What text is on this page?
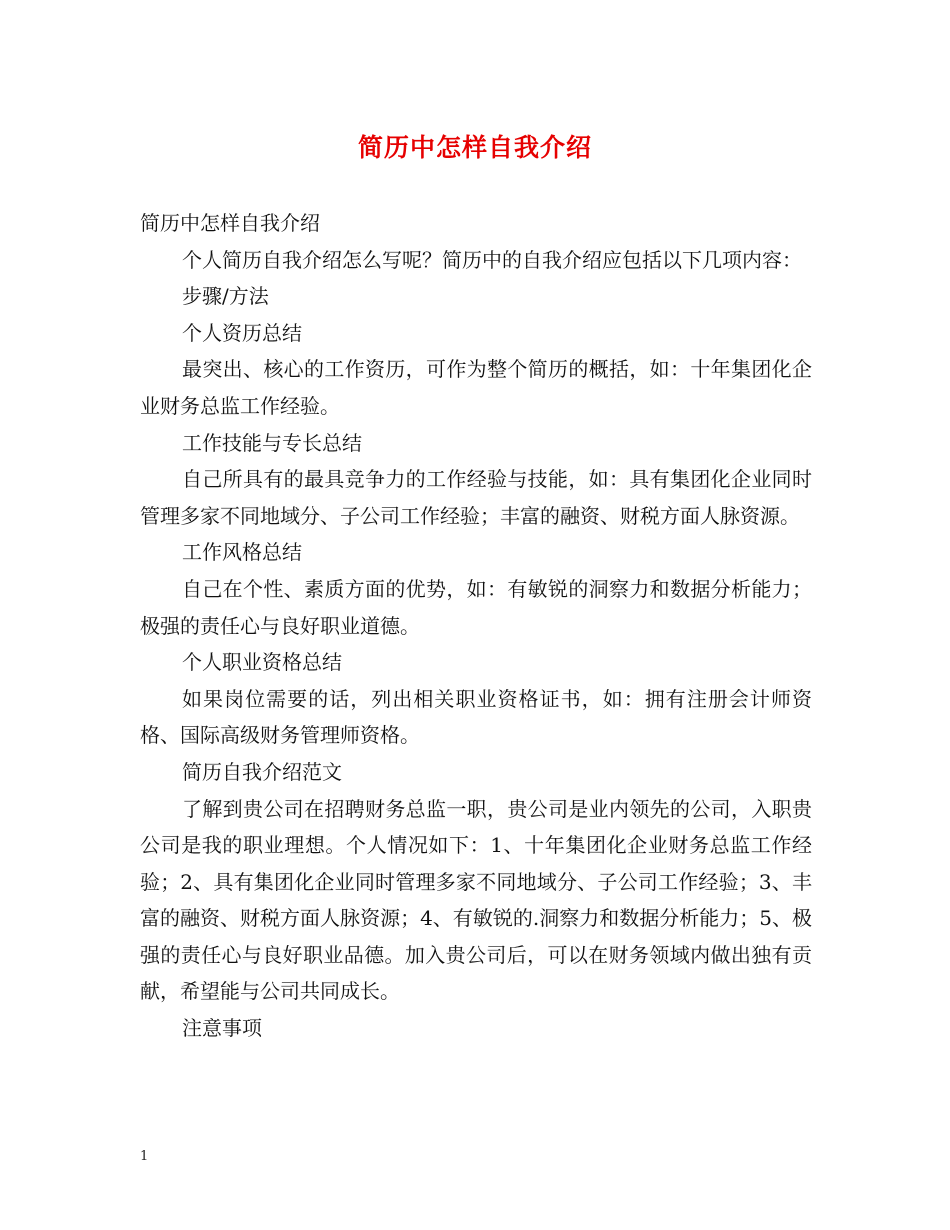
简历中怎样自我介绍

简历中怎样自我介绍

个人简历自我介绍怎么写呢？简历中的自我介绍应包括以下几项内容：

步骤/方法

个人资历总结

最突出、核心的工作资历，可作为整个简历的概括，如：十年集团化企业财务总监工作经验。

工作技能与专长总结

自己所具有的最具竞争力的工作经验与技能，如：具有集团化企业同时管理多家不同地域分、子公司工作经验；丰富的融资、财税方面人脉资源。

工作风格总结

自己在个性、素质方面的优势，如：有敏锐的洞察力和数据分析能力；极强的责任心与良好职业道德。

个人职业资格总结

如果岗位需要的话，列出相关职业资格证书，如：拥有注册会计师资格、国际高级财务管理师资格。

简历自我介绍范文

了解到贵公司在招聘财务总监一职，贵公司是业内领先的公司，入职贵公司是我的职业理想。个人情况如下：1、十年集团化企业财务总监工作经验；2、具有集团化企业同时管理多家不同地域分、子公司工作经验；3、丰富的融资、财税方面人脉资源；4、有敏锐的.洞察力和数据分析能力；5、极强的责任心与良好职业品德。加入贵公司后，可以在财务领域内做出独有贡献，希望能与公司共同成长。

注意事项

1
